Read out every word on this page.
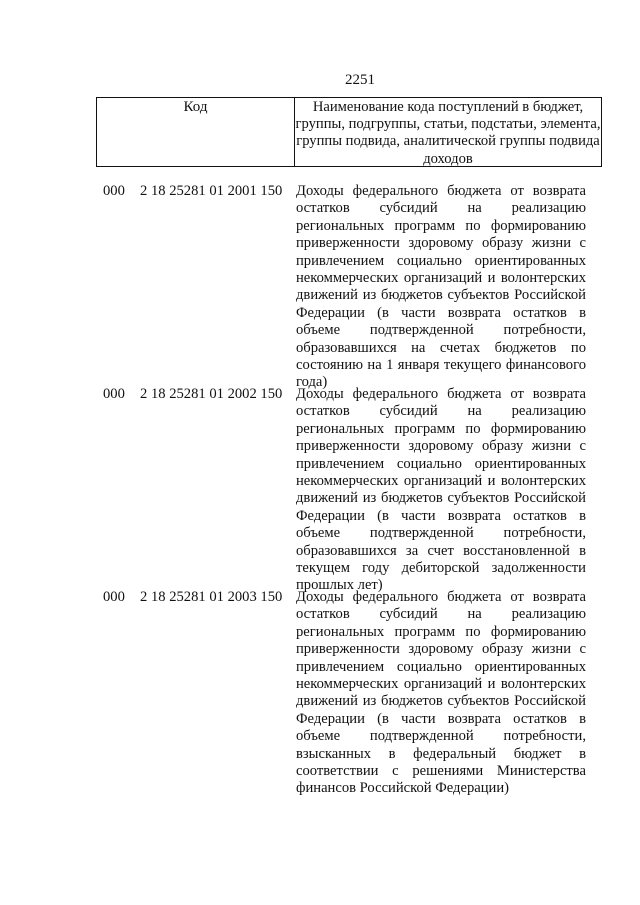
2251
Код	Наименование кода поступлений в бюджет, группы, подгруппы, статьи, подстатьи, элемента, группы подвида, аналитической группы подвида доходов
000 2 18 25281 01 2001 150 Доходы федерального бюджета от возврата остатков субсидий на реализацию региональных программ по формированию приверженности здоровому образу жизни с привлечением социально ориентированных некоммерческих организаций и волонтерских движений из бюджетов субъектов Российской Федерации (в части возврата остатков в объеме подтвержденной потребности, образовавшихся на счетах бюджетов по состоянию на 1 января текущего финансового года)
000 2 18 25281 01 2002 150 Доходы федерального бюджета от возврата остатков субсидий на реализацию региональных программ по формированию приверженности здоровому образу жизни с привлечением социально ориентированных некоммерческих организаций и волонтерских движений из бюджетов субъектов Российской Федерации (в части возврата остатков в объеме подтвержденной потребности, образовавшихся за счет восстановленной в текущем году дебиторской задолженности прошлых лет)
000 2 18 25281 01 2003 150 Доходы федерального бюджета от возврата остатков субсидий на реализацию региональных программ по формированию приверженности здоровому образу жизни с привлечением социально ориентированных некоммерческих организаций и волонтерских движений из бюджетов субъектов Российской Федерации (в части возврата остатков в объеме подтвержденной потребности, взысканных в федеральный бюджет в соответствии с решениями Министерства финансов Российской Федерации)
